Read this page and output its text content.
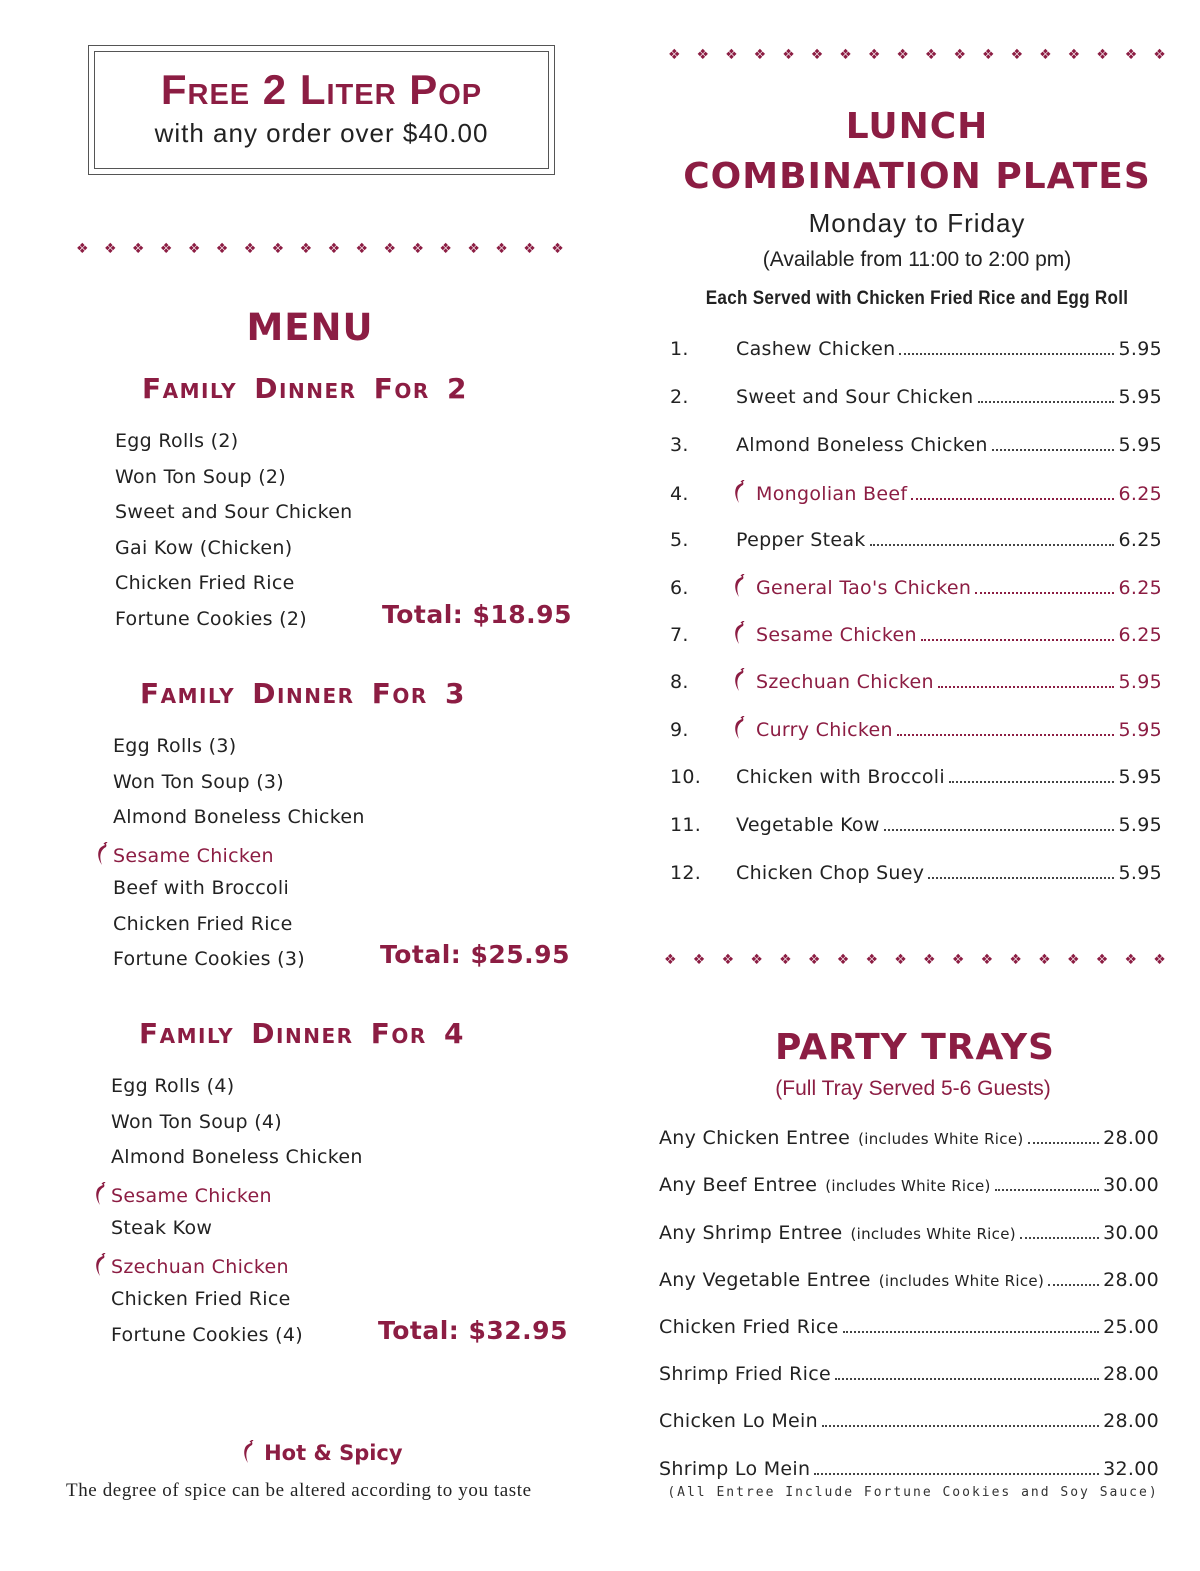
Free 2 Liter Pop
with any order over $40.00
❖ ❖ ❖ ❖ ❖ ❖ ❖ ❖ ❖ ❖ ❖ ❖ ❖ ❖ ❖ ❖ ❖ ❖
MENU
Family Dinner For 2
Egg Rolls (2)
Won Ton Soup (2)
Sweet and Sour Chicken
Gai Kow (Chicken)
Chicken Fried Rice
Fortune Cookies (2)	Total: $18.95
Family Dinner For 3
Egg Rolls (3)
Won Ton Soup (3)
Almond Boneless Chicken
Sesame Chicken
Beef with Broccoli
Chicken Fried Rice
Fortune Cookies (3)	Total: $25.95
Family Dinner For 4
Egg Rolls (4)
Won Ton Soup (4)
Almond Boneless Chicken
Sesame Chicken
Steak Kow
Szechuan Chicken
Chicken Fried Rice
Fortune Cookies (4)	Total: $32.95
Hot & Spicy
The degree of spice can be altered according to you taste
❖ ❖ ❖ ❖ ❖ ❖ ❖ ❖ ❖ ❖ ❖ ❖ ❖ ❖ ❖ ❖ ❖ ❖
LUNCH
COMBINATION PLATES
Monday to Friday
(Available from 11:00 to 2:00 pm)
Each Served with Chicken Fried Rice and Egg Roll
1.	Cashew Chicken	5.95
2.	Sweet and Sour Chicken	5.95
3.	Almond Boneless Chicken	5.95
4.	Mongolian Beef	6.25
5.	Pepper Steak	6.25
6.	General Tao's Chicken	6.25
7.	Sesame Chicken	6.25
8.	Szechuan Chicken	5.95
9.	Curry Chicken	5.95
10.	Chicken with Broccoli	5.95
11.	Vegetable Kow	5.95
12.	Chicken Chop Suey	5.95
❖ ❖ ❖ ❖ ❖ ❖ ❖ ❖ ❖ ❖ ❖ ❖ ❖ ❖ ❖ ❖ ❖ ❖
PARTY TRAYS
(Full Tray Served 5-6 Guests)
Any Chicken Entree (includes White Rice)	28.00
Any Beef Entree (includes White Rice)	30.00
Any Shrimp Entree (includes White Rice)	30.00
Any Vegetable Entree (includes White Rice)	28.00
Chicken Fried Rice	25.00
Shrimp Fried Rice	28.00
Chicken Lo Mein	28.00
Shrimp Lo Mein	32.00
(All Entree Include Fortune Cookies and Soy Sauce)
